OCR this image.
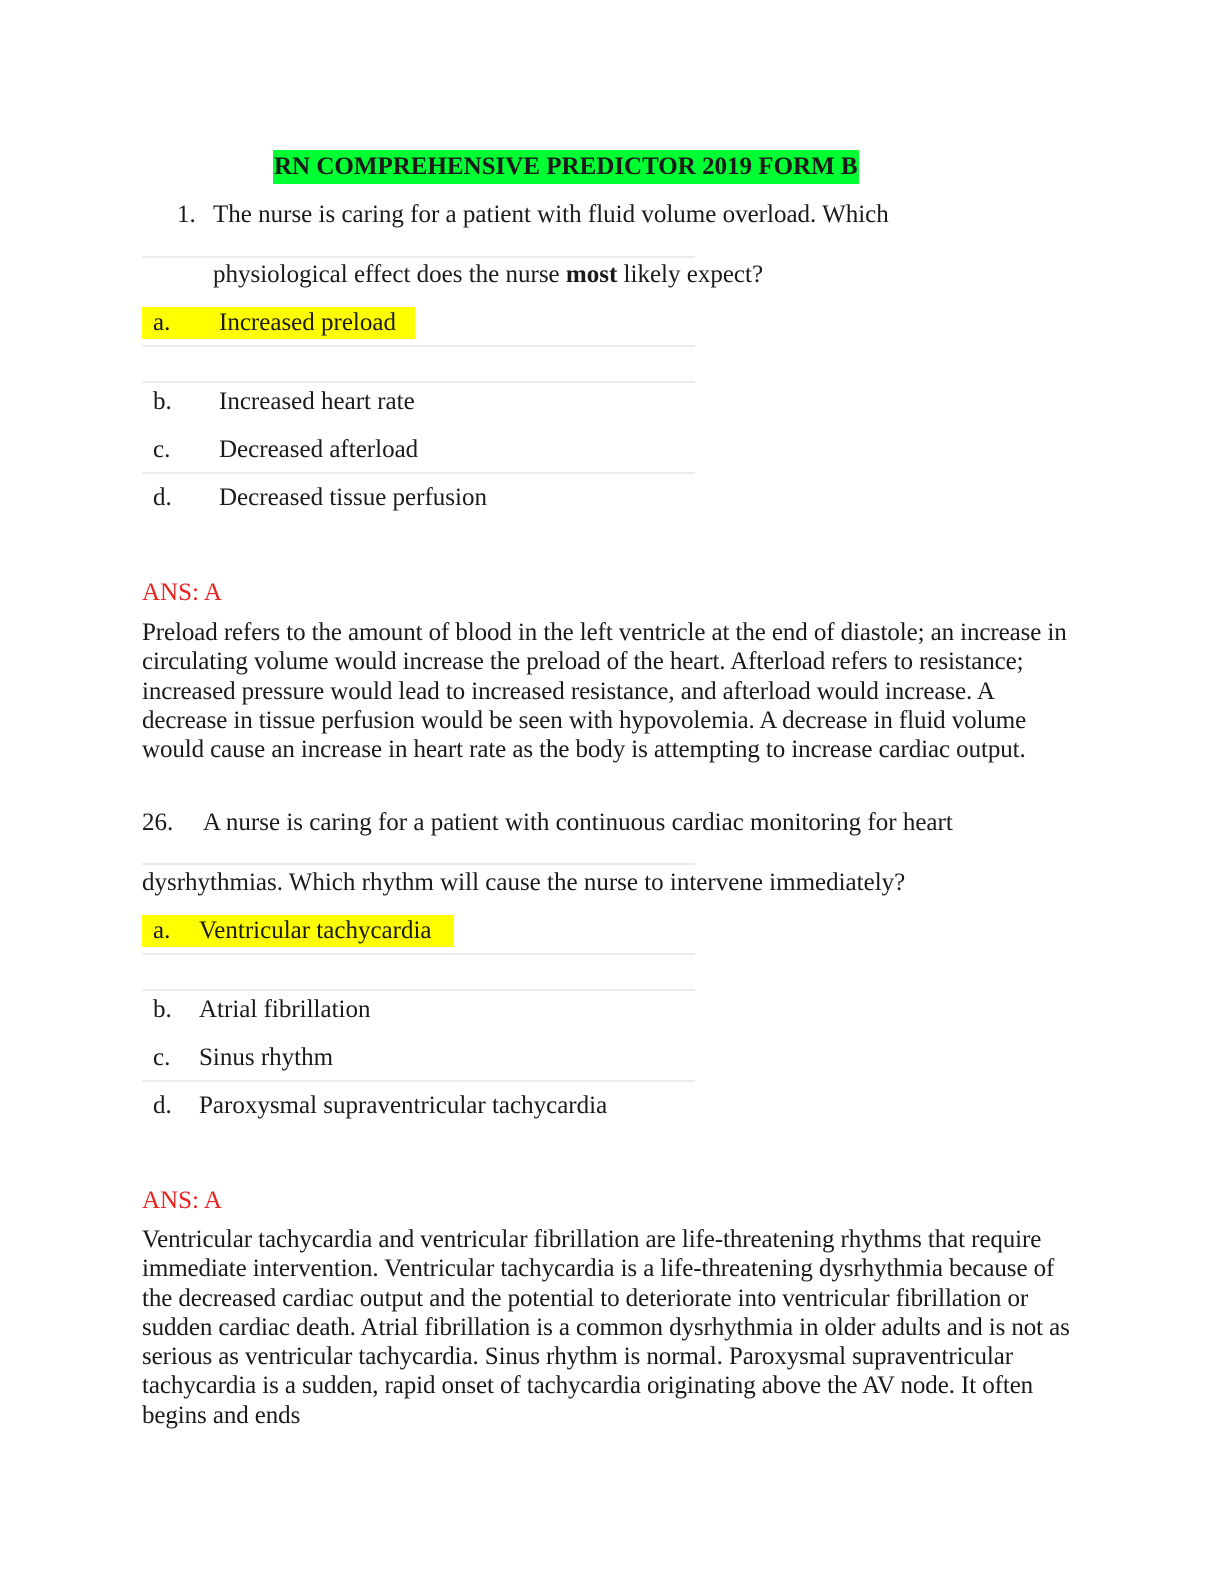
RN COMPREHENSIVE PREDICTOR 2019 FORM B
1. The nurse is caring for a patient with fluid volume overload. Which
physiological effect does the nurse most likely expect?
a. Increased preload
b. Increased heart rate
c. Decreased afterload
d. Decreased tissue perfusion
ANS: A
Preload refers to the amount of blood in the left ventricle at the end of diastole; an increase in circulating volume would increase the preload of the heart. Afterload refers to resistance; increased pressure would lead to increased resistance, and afterload would increase. A decrease in tissue perfusion would be seen with hypovolemia. A decrease in fluid volume would cause an increase in heart rate as the body is attempting to increase cardiac output.
26. A nurse is caring for a patient with continuous cardiac monitoring for heart
dysrhythmias. Which rhythm will cause the nurse to intervene immediately?
a. Ventricular tachycardia
b. Atrial fibrillation
c. Sinus rhythm
d. Paroxysmal supraventricular tachycardia
ANS: A
Ventricular tachycardia and ventricular fibrillation are life-threatening rhythms that require immediate intervention. Ventricular tachycardia is a life-threatening dysrhythmia because of the decreased cardiac output and the potential to deteriorate into ventricular fibrillation or sudden cardiac death. Atrial fibrillation is a common dysrhythmia in older adults and is not as serious as ventricular tachycardia. Sinus rhythm is normal. Paroxysmal supraventricular tachycardia is a sudden, rapid onset of tachycardia originating above the AV node. It often begins and ends
